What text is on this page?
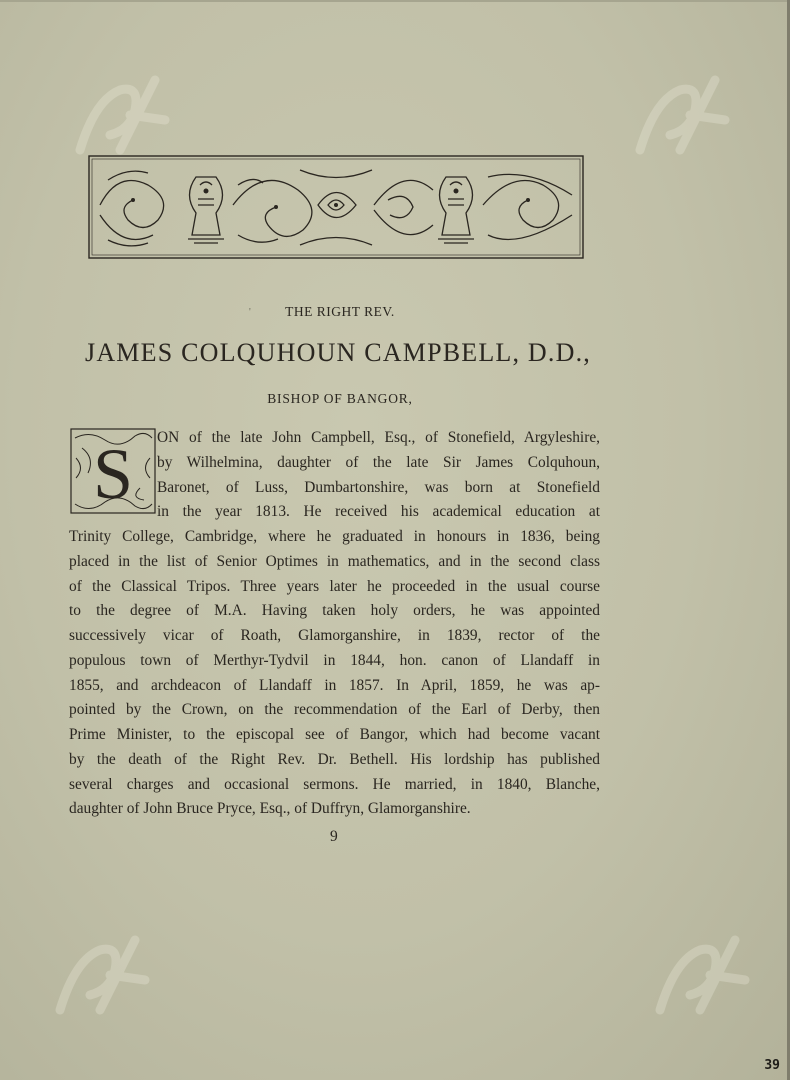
'	THE RIGHT REV.
JAMES COLQUHOUN CAMPBELL, D.D.,
BISHOP OF BANGOR,
S ON of the late John Campbell, Esq., of Stonefield, Argyleshire,
by Wilhelmina, daughter of the late Sir James Colquhoun,
Baronet, of Luss, Dumbartonshire, was born at Stonefield
in the year 1813. He received his academical education at
Trinity College, Cambridge, where he graduated in honours in 1836, being
placed in the list of Senior Optimes in mathematics, and in the second class
of the Classical Tripos. Three years later he proceeded in the usual course
to the degree of M.A. Having taken holy orders, he was appointed
successively vicar of Roath, Glamorganshire, in 1839, rector of the
populous town of Merthyr-Tydvil in 1844, hon. canon of Llandaff in
1855, and archdeacon of Llandaff in 1857. In April, 1859, he was ap-
pointed by the Crown, on the recommendation of the Earl of Derby, then
Prime Minister, to the episcopal see of Bangor, which had become vacant
by the death of the Right Rev. Dr. Bethell. His lordship has published
several charges and occasional sermons. He married, in 1840, Blanche,
daughter of John Bruce Pryce, Esq., of Duffryn, Glamorganshire.
9
39
